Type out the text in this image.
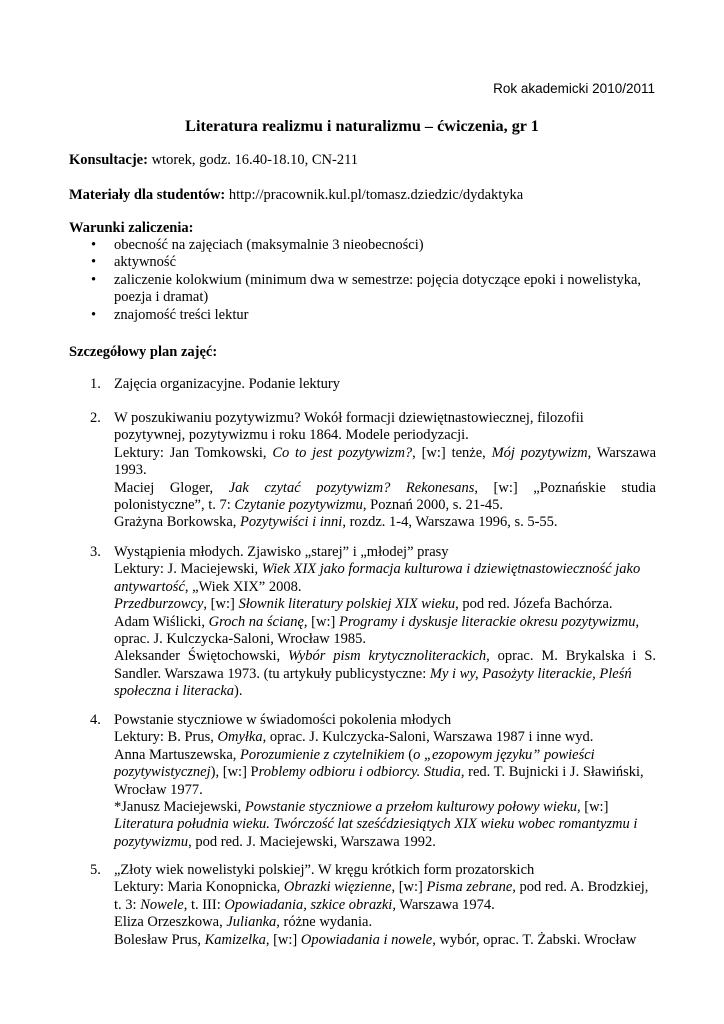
Rok akademicki 2010/2011
Literatura realizmu i naturalizmu – ćwiczenia, gr 1
Konsultacje: wtorek, godz. 16.40-18.10, CN-211
Materiały dla studentów: http://pracownik.kul.pl/tomasz.dziedzic/dydaktyka
Warunki zaliczenia:
• obecność na zajęciach (maksymalnie 3 nieobecności)
• aktywność
• zaliczenie kolokwium (minimum dwa w semestrze: pojęcia dotyczące epoki i nowelistyka,
poezja i dramat)
• znajomość treści lektur
Szczegółowy plan zajęć:
1. Zajęcia organizacyjne. Podanie lektury
2. W poszukiwaniu pozytywizmu? Wokół formacji dziewiętnastowiecznej, filozofii
pozytywnej, pozytywizmu i roku 1864. Modele periodyzacji.
Lektury: Jan Tomkowski, Co to jest pozytywizm?, [w:] tenże, Mój pozytywizm, Warszawa
1993.
Maciej Gloger, Jak czytać pozytywizm? Rekonesans, [w:] „Poznańskie studia
polonistyczne”, t. 7: Czytanie pozytywizmu, Poznań 2000, s. 21-45.
Grażyna Borkowska, Pozytywiści i inni, rozdz. 1-4, Warszawa 1996, s. 5-55.
3. Wystąpienia młodych. Zjawisko „starej” i „młodej” prasy
Lektury: J. Maciejewski, Wiek XIX jako formacja kulturowa i dziewiętnastowieczność jako
antywartość, „Wiek XIX” 2008.
Przedburzowcy, [w:] Słownik literatury polskiej XIX wieku, pod red. Józefa Bachórza.
Adam Wiślicki, Groch na ścianę, [w:] Programy i dyskusje literackie okresu pozytywizmu,
oprac. J. Kulczycka-Saloni, Wrocław 1985.
Aleksander Świętochowski, Wybór pism krytycznoliterackich, oprac. M. Brykalska i S.
Sandler. Warszawa 1973. (tu artykuły publicystyczne: My i wy, Pasożyty literackie, Pleśń
społeczna i literacka).
4. Powstanie styczniowe w świadomości pokolenia młodych
Lektury: B. Prus, Omyłka, oprac. J. Kulczycka-Saloni, Warszawa 1987 i inne wyd.
Anna Martuszewska, Porozumienie z czytelnikiem (o „ezopowym języku” powieści
pozytywistycznej), [w:] Problemy odbioru i odbiorcy. Studia, red. T. Bujnicki i J. Sławiński,
Wrocław 1977.
*Janusz Maciejewski, Powstanie styczniowe a przełom kulturowy połowy wieku, [w:]
Literatura południa wieku. Twórczość lat sześćdziesiątych XIX wieku wobec romantyzmu i
pozytywizmu, pod red. J. Maciejewski, Warszawa 1992.
5. „Złoty wiek nowelistyki polskiej”. W kręgu krótkich form prozatorskich
Lektury: Maria Konopnicka, Obrazki więzienne, [w:] Pisma zebrane, pod red. A. Brodzkiej,
t. 3: Nowele, t. III: Opowiadania, szkice obrazki, Warszawa 1974.
Eliza Orzeszkowa, Julianka, różne wydania.
Bolesław Prus, Kamizelka, [w:] Opowiadania i nowele, wybór, oprac. T. Żabski. Wrocław
